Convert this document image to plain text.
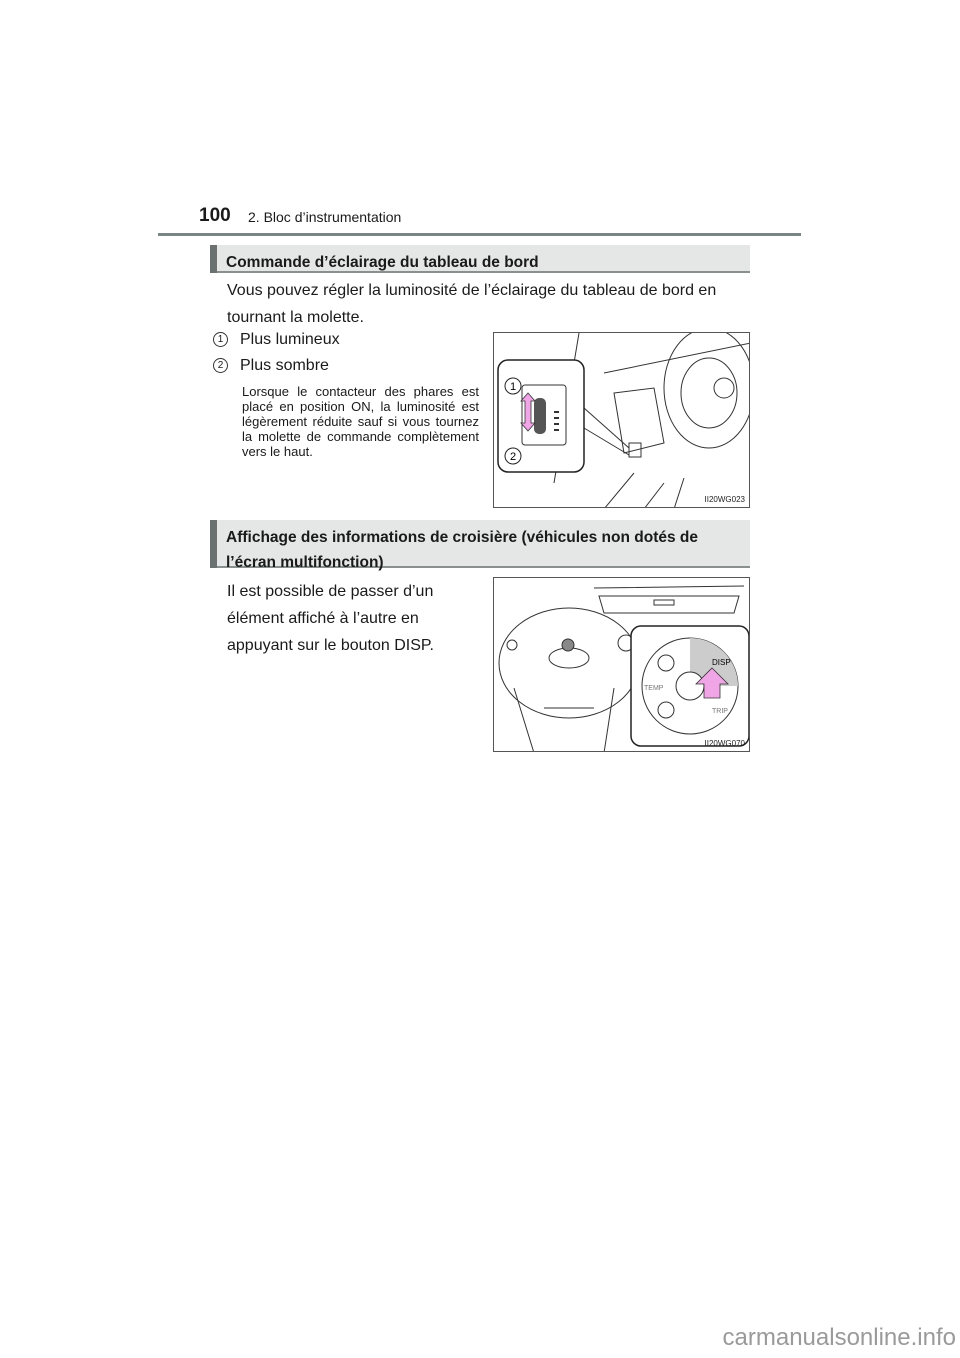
100 2. Bloc d’instrumentation
Commande d’éclairage du tableau de bord
Vous pouvez régler la luminosité de l’éclairage du tableau de bord en tournant la molette.
1 Plus lumineux
2 Plus sombre
Lorsque le contacteur des phares est placé en position ON, la luminosité est légèrement réduite sauf si vous tournez la molette de commande complètement vers le haut.
1
2
II20WG023
Affichage des informations de croisière (véhicules non dotés de l’écran multifonction)
Il est possible de passer d’un élément affiché à l’autre en appuyant sur le bouton DISP.
DISP
TEMP
TRIP
II20WG070
carmanualsonline.info
